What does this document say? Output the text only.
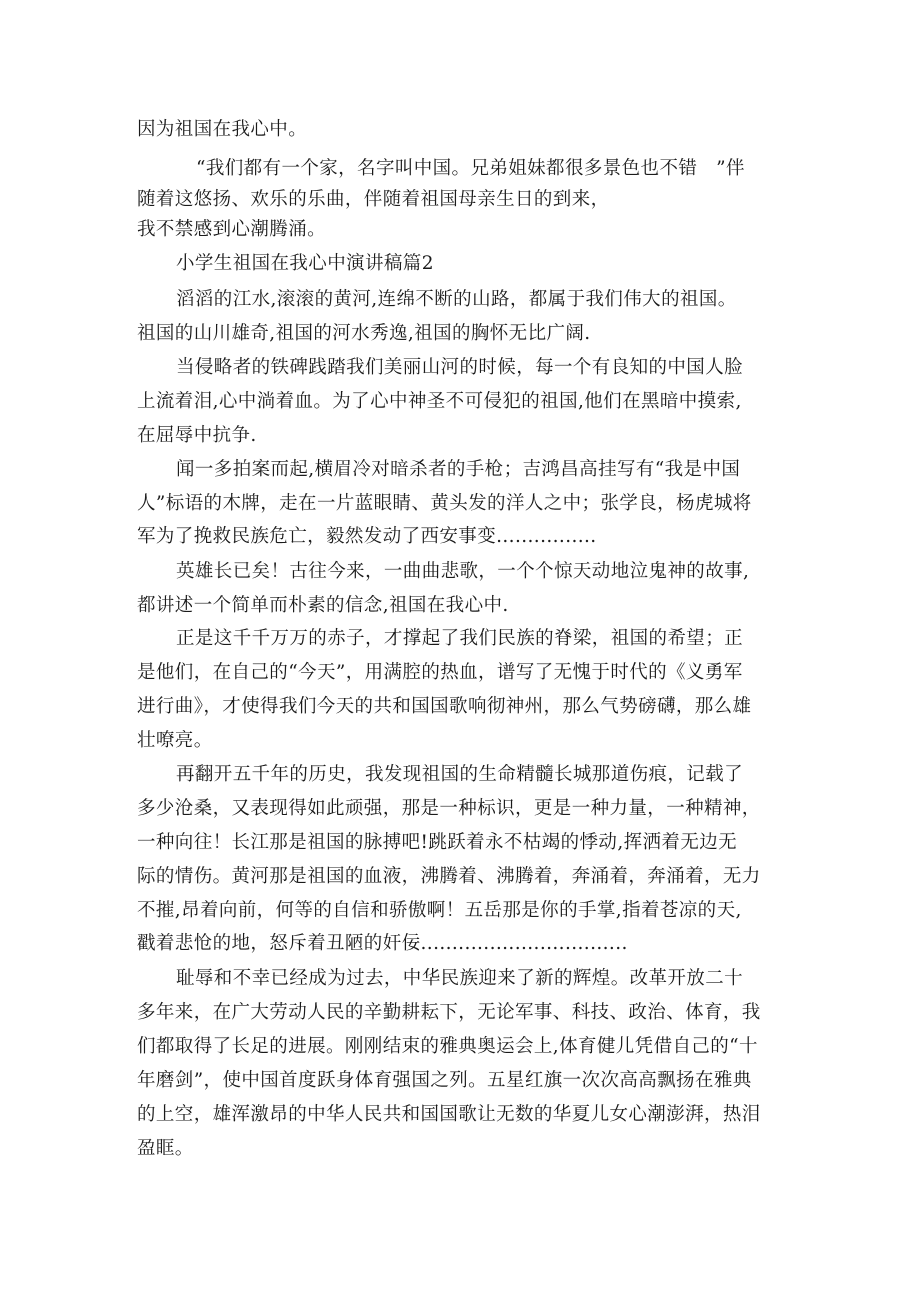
因为祖国在我心中。
“我们都有一个家，名字叫中国。兄弟姐妹都很多景色也不错　”伴
随着这悠扬、欢乐的乐曲，伴随着祖国母亲生日的到来，
我不禁感到心潮腾涌。
小学生祖国在我心中演讲稿篇2
滔滔的江水,滚滚的黄河,连绵不断的山路，都属于我们伟大的祖国。
祖国的山川雄奇,祖国的河水秀逸,祖国的胸怀无比广阔.
当侵略者的铁碑践踏我们美丽山河的时候，每一个有良知的中国人脸
上流着泪,心中淌着血。为了心中神圣不可侵犯的祖国,他们在黑暗中摸索,
在屈辱中抗争.
闻一多拍案而起,横眉冷对暗杀者的手枪；吉鸿昌高挂写有“我是中国
人”标语的木牌，走在一片蓝眼睛、黄头发的洋人之中；张学良，杨虎城将
军为了挽救民族危亡，毅然发动了西安事变................
英雄长已矣！古往今来，一曲曲悲歌，一个个惊天动地泣鬼神的故事,
都讲述一个简单而朴素的信念,祖国在我心中.
正是这千千万万的赤子，才撑起了我们民族的脊梁，祖国的希望；正
是他们，在自己的“今天”，用满腔的热血，谱写了无愧于时代的《义勇军
进行曲》，才使得我们今天的共和国国歌响彻神州，那么气势磅礴，那么雄
壮嘹亮。
再翻开五千年的历史，我发现祖国的生命精髓长城那道伤痕，记载了
多少沧桑，又表现得如此顽强，那是一种标识，更是一种力量，一种精神，
一种向往！长江那是祖国的脉搏吧!跳跃着永不枯竭的悸动,挥洒着无边无
际的情伤。黄河那是祖国的血液，沸腾着、沸腾着，奔涌着，奔涌着，无力
不摧,昂着向前，何等的自信和骄傲啊！五岳那是你的手掌,指着苍凉的天,
戳着悲怆的地，怒斥着丑陋的奸佞.................................
耻辱和不幸已经成为过去，中华民族迎来了新的辉煌。改革开放二十
多年来，在广大劳动人民的辛勤耕耘下，无论军事、科技、政治、体育，我
们都取得了长足的进展。刚刚结束的雅典奥运会上,体育健儿凭借自己的“十
年磨剑”，使中国首度跃身体育强国之列。五星红旗一次次高高飘扬在雅典
的上空，雄浑激昂的中华人民共和国国歌让无数的华夏儿女心潮澎湃，热泪
盈眶。
